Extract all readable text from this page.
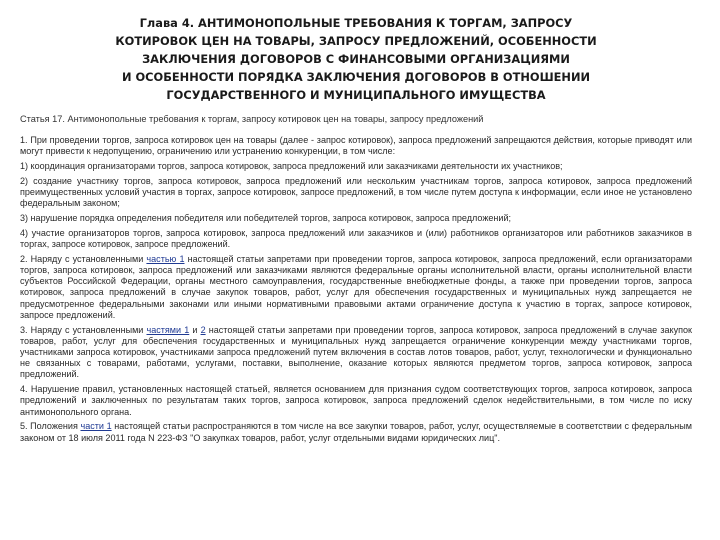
Глава 4. АНТИМОНОПОЛЬНЫЕ ТРЕБОВАНИЯ К ТОРГАМ, ЗАПРОСУ
КОТИРОВОК ЦЕН НА ТОВАРЫ, ЗАПРОСУ ПРЕДЛОЖЕНИЙ, ОСОБЕННОСТИ
ЗАКЛЮЧЕНИЯ ДОГОВОРОВ С ФИНАНСОВЫМИ ОРГАНИЗАЦИЯМИ
И ОСОБЕННОСТИ ПОРЯДКА ЗАКЛЮЧЕНИЯ ДОГОВОРОВ В ОТНОШЕНИИ
ГОСУДАРСТВЕННОГО И МУНИЦИПАЛЬНОГО ИМУЩЕСТВА
Статья 17. Антимонопольные требования к торгам, запросу котировок цен на товары, запросу предложений

1. При проведении торгов, запроса котировок цен на товары (далее - запрос котировок), запроса предложений запрещаются действия, которые приводят или могут привести к недопущению, ограничению или устранению конкуренции, в том числе:

1) координация организаторами торгов, запроса котировок, запроса предложений или заказчиками деятельности их участников;

2) создание участнику торгов, запроса котировок, запроса предложений или нескольким участникам торгов, запроса котировок, запроса предложений преимущественных условий участия в торгах, запросе котировок, запросе предложений, в том числе путем доступа к информации, если иное не установлено федеральным законом;

3) нарушение порядка определения победителя или победителей торгов, запроса котировок, запроса предложений;

4) участие организаторов торгов, запроса котировок, запроса предложений или заказчиков и (или) работников организаторов или работников заказчиков в торгах, запросе котировок, запросе предложений.

2. Наряду с установленными частью 1 настоящей статьи запретами при проведении торгов, запроса котировок, запроса предложений, если организаторами торгов, запроса котировок, запроса предложений или заказчиками являются федеральные органы исполнительной власти, органы исполнительной власти субъектов Российской Федерации, органы местного самоуправления, государственные внебюджетные фонды, а также при проведении торгов, запроса котировок, запроса предложений в случае закупок товаров, работ, услуг для обеспечения государственных и муниципальных нужд запрещается не предусмотренное федеральными законами или иными нормативными правовыми актами ограничение доступа к участию в торгах, запросе котировок, запросе предложений.

3. Наряду с установленными частями 1 и 2 настоящей статьи запретами при проведении торгов, запроса котировок, запроса предложений в случае закупок товаров, работ, услуг для обеспечения государственных и муниципальных нужд запрещается ограничение конкуренции между участниками торгов, участниками запроса котировок, участниками запроса предложений путем включения в состав лотов товаров, работ, услуг, технологически и функционально не связанных с товарами, работами, услугами, поставки, выполнение, оказание которых являются предметом торгов, запроса котировок, запроса предложений.

4. Нарушение правил, установленных настоящей статьей, является основанием для признания судом соответствующих торгов, запроса котировок, запроса предложений и заключенных по результатам таких торгов, запроса котировок, запроса предложений сделок недействительными, в том числе по иску антимонопольного органа.

5. Положения части 1 настоящей статьи распространяются в том числе на все закупки товаров, работ, услуг, осуществляемые в соответствии с федеральным законом от 18 июля 2011 года N 223-ФЗ "О закупках товаров, работ, услуг отдельными видами юридических лиц".
